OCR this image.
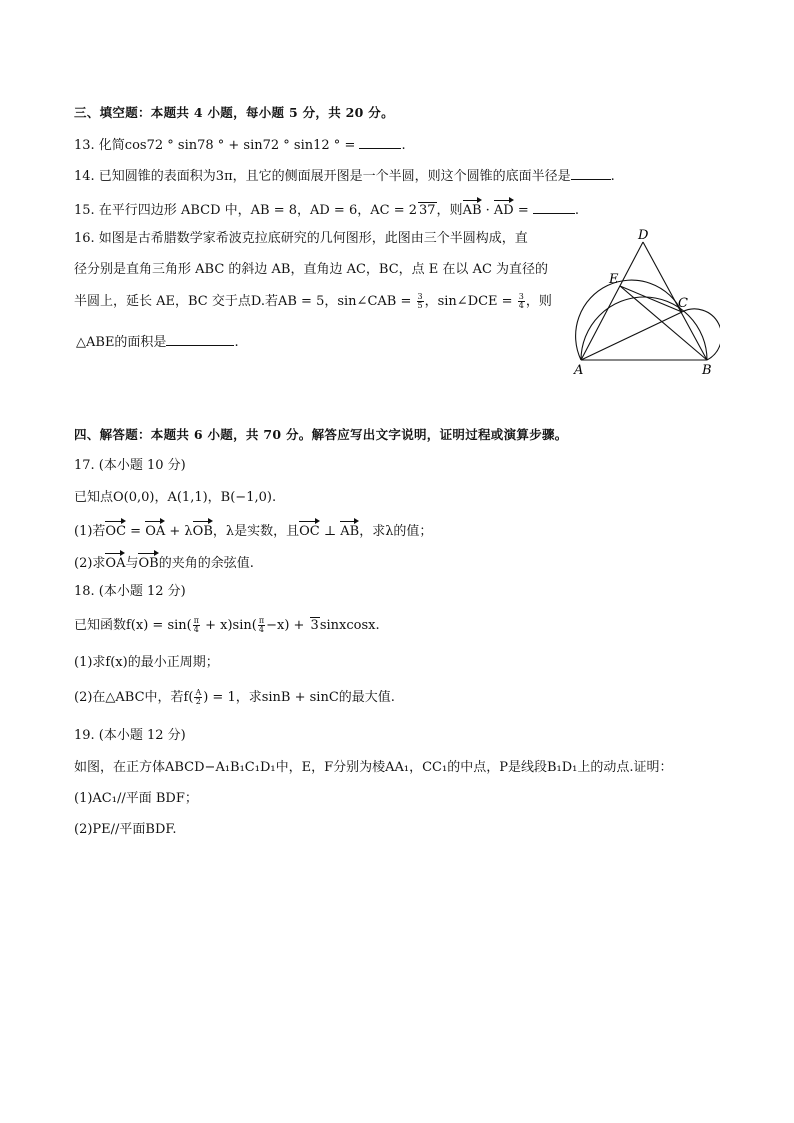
三、填空题：本题共 4 小题，每小题 5 分，共 20 分。
13. 化简cos72 ° sin78 ° + sin72 ° sin12 ° =	.
14. 已知圆锥的表面积为3π，且它的侧面展开图是一个半圆，则这个圆锥的底面半径是	.
15. 在平行四边形 ABCD 中，AB = 8，AD = 6，AC = 2 37，则AB · AD =	.
16. 如图是古希腊数学家希波克拉底研究的几何图形，此图由三个半圆构成，直
径分别是直角三角形 ABC 的斜边 AB，直角边 AC，BC，点 E 在以 AC 为直径的
半圆上，延长 AE，BC 交于点D.若AB = 5，sin∠CAB = $\frac{3}{5}$ ，sin∠DCE = $\frac{3}{4}$ ，则
△ABE的面积是	.
D
E
C
A	B
四、解答题：本题共 6 小题，共 70 分。解答应写出文字说明，证明过程或演算步骤。
17. (本小题 10 分)
已知点O(0,0)，A(1,1)，B(−1,0).
(1)若OC = OA + λOB，λ是实数，且OC ⊥ AB，求λ的值；
(2)求OA与OB的夹角的余弦值.
18. (本小题 12 分)
已知函数$f(x) = \sin( \frac{\pi}{4} + x)\sin( \frac{\pi}{4} -x)$ + 3sinxcosx.
(1)求f(x)的最小正周期；
(2)在△ABC中，若$f( \frac{A}{2}$ ) = 1，求sinB + sinC的最大值.
19. (本小题 12 分)
如图，在正方体ABCD−A₁B₁C₁D₁中，E，F分别为棱AA₁，CC₁的中点，P是线段B₁D₁上的动点.证明：
(1)AC₁//平面 BDF；
(2)PE//平面BDF.
